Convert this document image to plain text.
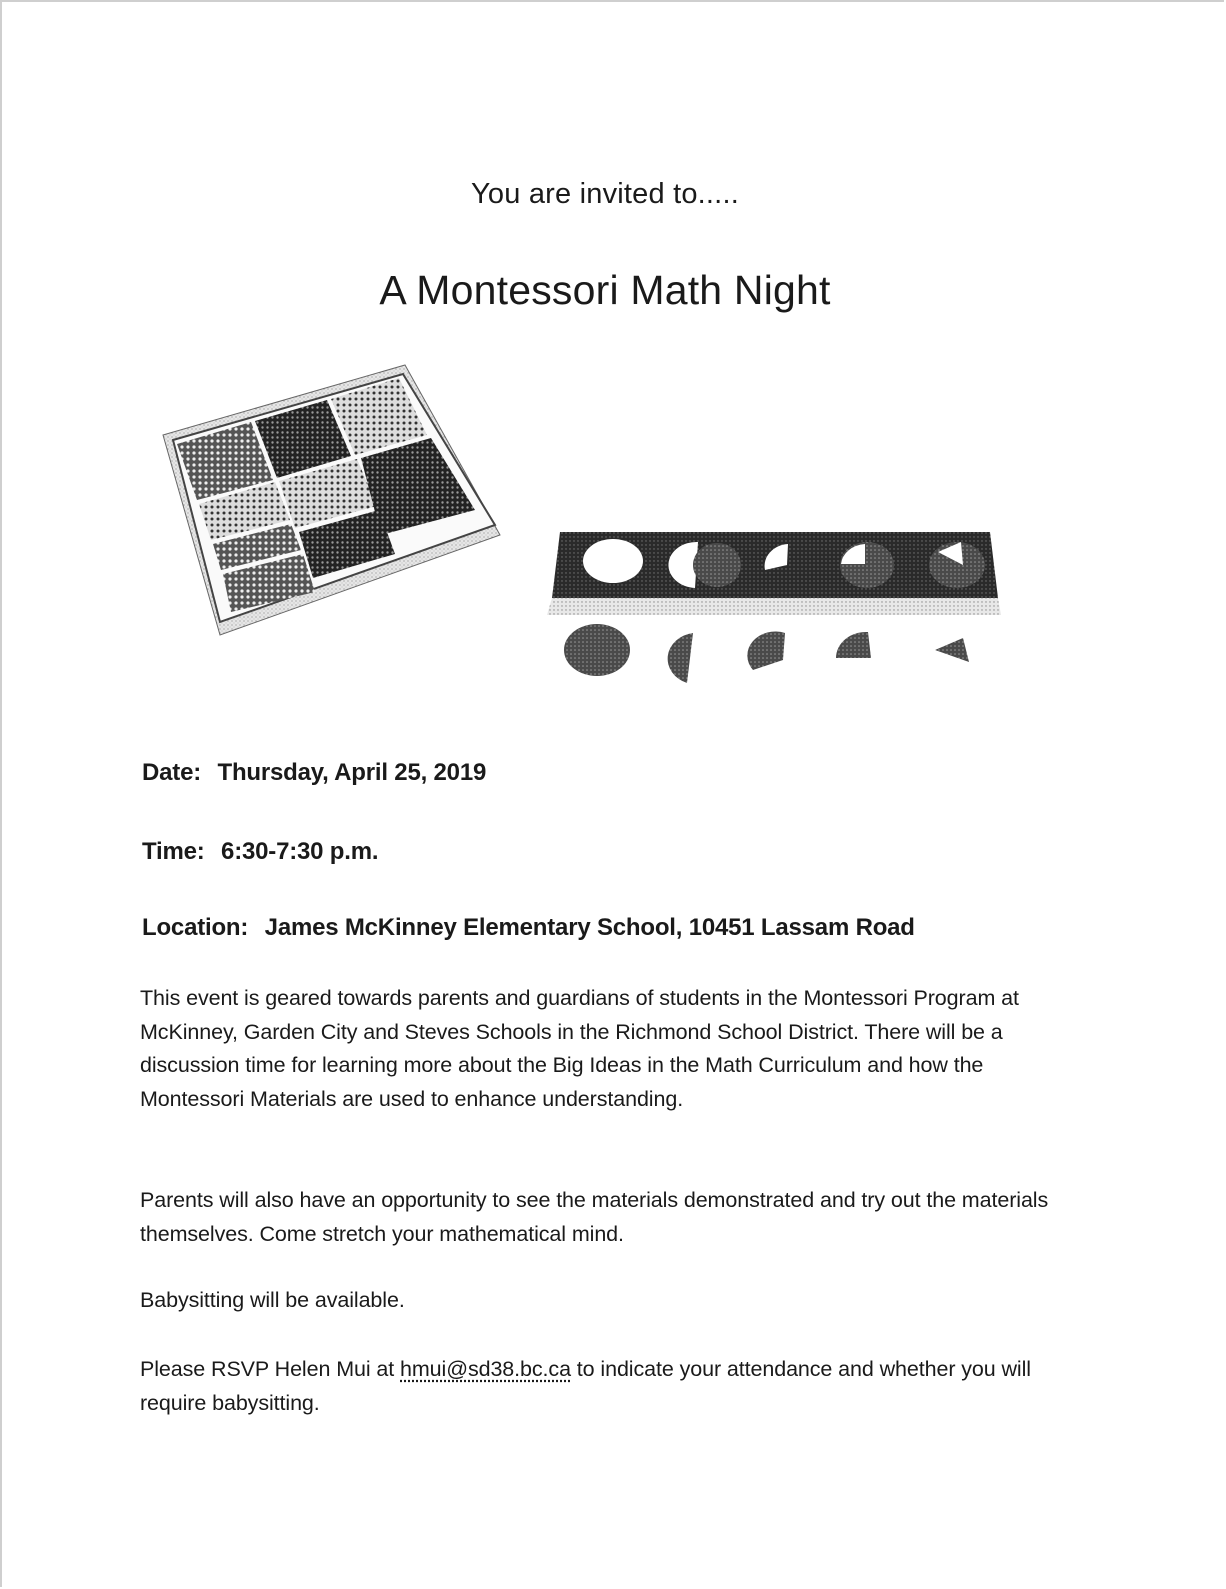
You are invited to.....
A Montessori Math Night
Date: Thursday, April 25, 2019
Time: 6:30-7:30 p.m.
Location: James McKinney Elementary School, 10451 Lassam Road
This event is geared towards parents and guardians of students in the Montessori Program at McKinney, Garden City and Steves Schools in the Richmond School District. There will be a discussion time for learning more about the Big Ideas in the Math Curriculum and how the Montessori Materials are used to enhance understanding.
Parents will also have an opportunity to see the materials demonstrated and try out the materials themselves. Come stretch your mathematical mind.
Babysitting will be available.
Please RSVP Helen Mui at hmui@sd38.bc.ca to indicate your attendance and whether you will require babysitting.
